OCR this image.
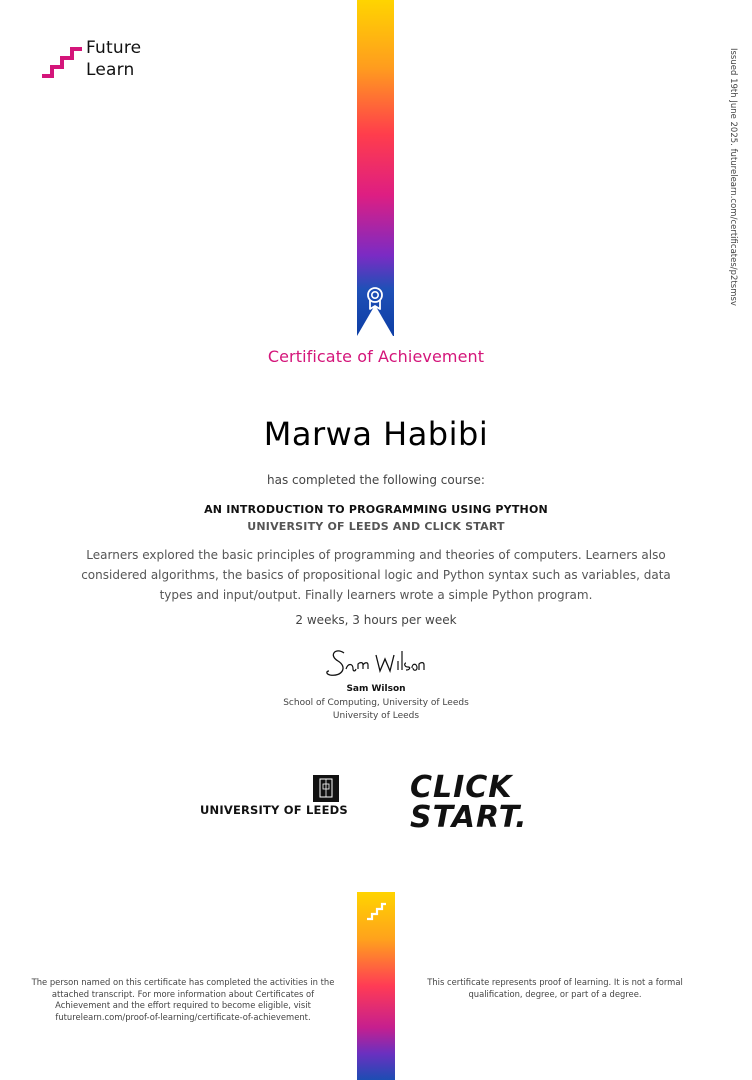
Future
Learn	Issued 19th June 2025. futurelearn.com/certificates/p2tsmsv
Certificate of Achievement
Marwa Habibi
has completed the following course:
AN INTRODUCTION TO PROGRAMMING USING PYTHON
UNIVERSITY OF LEEDS AND CLICK START
Learners explored the basic principles of programming and theories of computers. Learners also considered algorithms, the basics of propositional logic and Python syntax such as variables, data types and input/output. Finally learners wrote a simple Python program.
2 weeks, 3 hours per week
Sam Wilson
School of Computing, University of Leeds
University of Leeds
UNIVERSITY OF LEEDS
CLICK
START.
The person named on this certificate has completed the activities in the attached transcript. For more information about Certificates of Achievement and the effort required to become eligible, visit futurelearn.com/proof-of-learning/certificate-of-achievement.
This certificate represents proof of learning. It is not a formal qualification, degree, or part of a degree.
